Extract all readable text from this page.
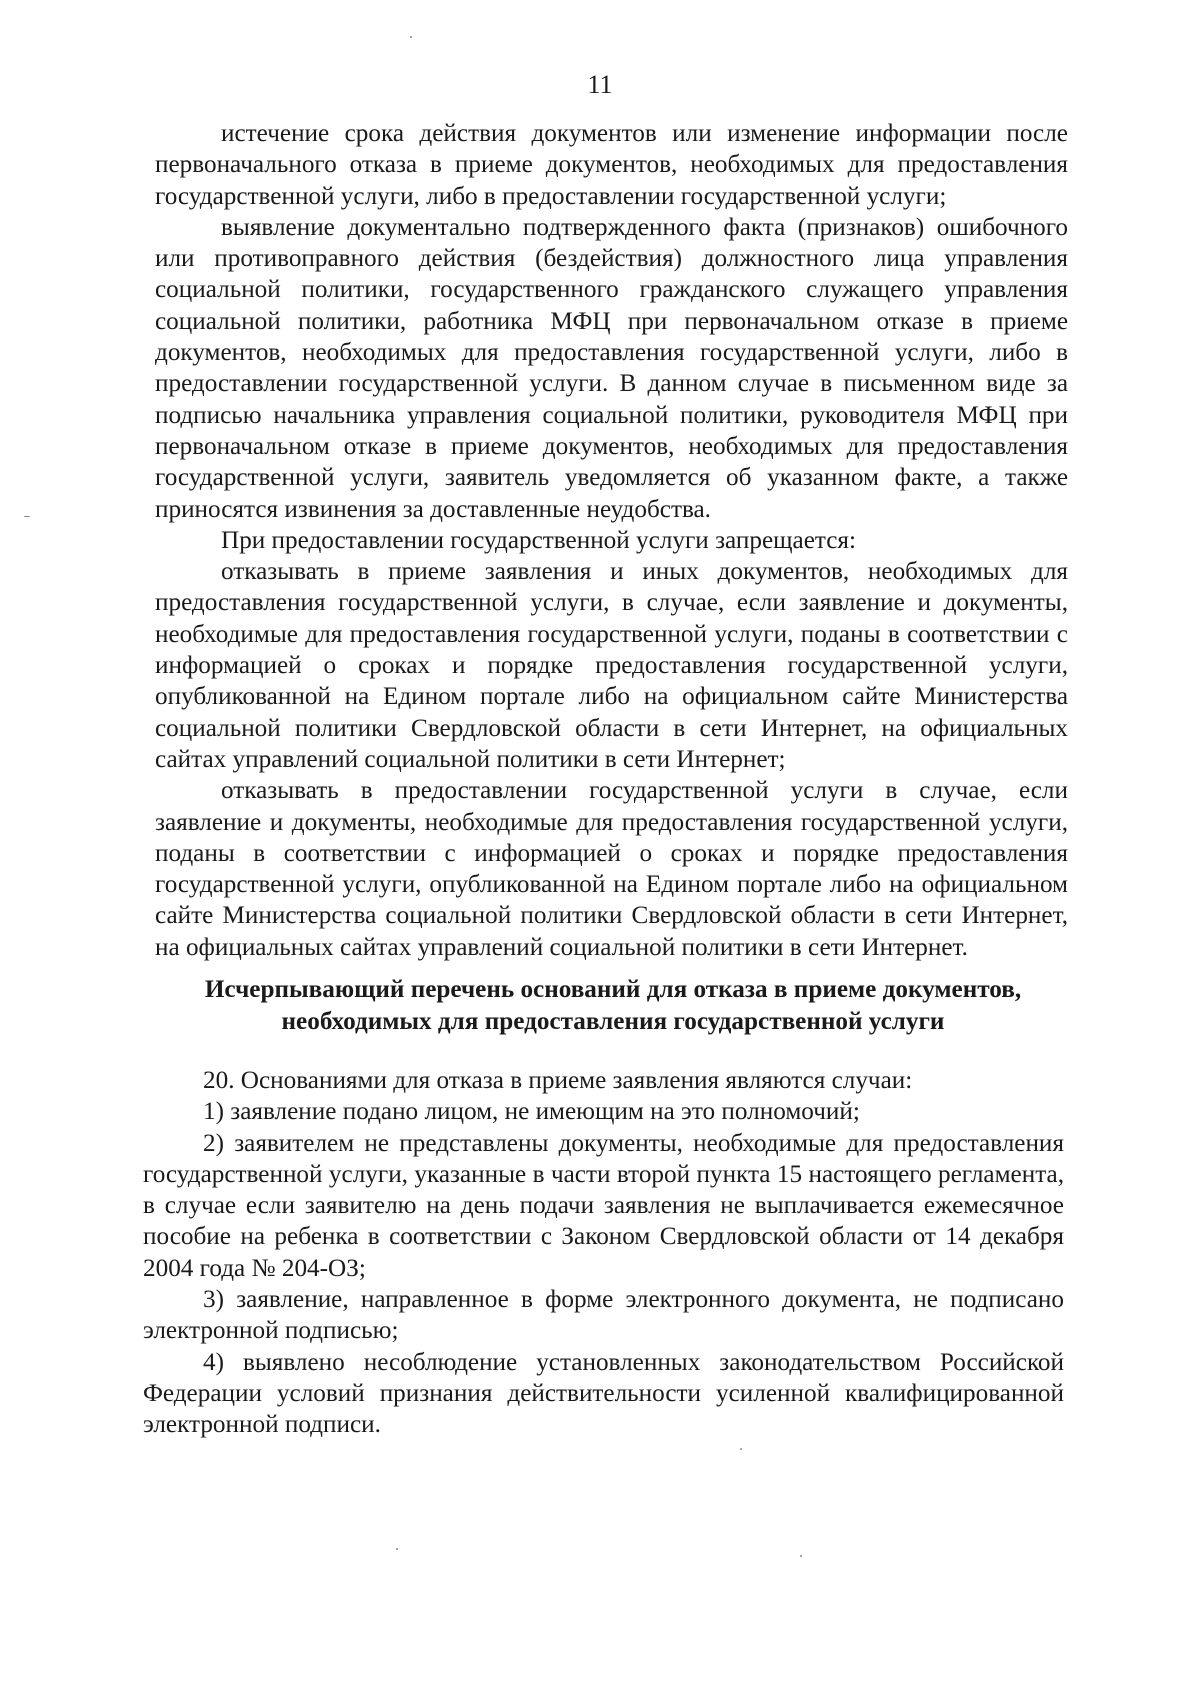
11

истечение срока действия документов или изменение информации после первоначального отказа в приеме документов, необходимых для предоставления государственной услуги, либо в предоставлении государственной услуги;

выявление документально подтвержденного факта (признаков) ошибочного или противоправного действия (бездействия) должностного лица управления социальной политики, государственного гражданского служащего управления социальной политики, работника МФЦ при первоначальном отказе в приеме документов, необходимых для предоставления государственной услуги, либо в предоставлении государственной услуги. В данном случае в письменном виде за подписью начальника управления социальной политики, руководителя МФЦ при первоначальном отказе в приеме документов, необходимых для предоставления государственной услуги, заявитель уведомляется об указанном факте, а также приносятся извинения за доставленные неудобства.

При предоставлении государственной услуги запрещается:

отказывать в приеме заявления и иных документов, необходимых для предоставления государственной услуги, в случае, если заявление и документы, необходимые для предоставления государственной услуги, поданы в соответствии с информацией о сроках и порядке предоставления государственной услуги, опубликованной на Едином портале либо на официальном сайте Министерства социальной политики Свердловской области в сети Интернет, на официальных сайтах управлений социальной политики в сети Интернет;

отказывать в предоставлении государственной услуги в случае, если заявление и документы, необходимые для предоставления государственной услуги, поданы в соответствии с информацией о сроках и порядке предоставления государственной услуги, опубликованной на Едином портале либо на официальном сайте Министерства социальной политики Свердловской области в сети Интернет, на официальных сайтах управлений социальной политики в сети Интернет.

Исчерпывающий перечень оснований для отказа в приеме документов,
необходимых для предоставления государственной услуги

20. Основаниями для отказа в приеме заявления являются случаи:

1) заявление подано лицом, не имеющим на это полномочий;

2) заявителем не представлены документы, необходимые для предоставления государственной услуги, указанные в части второй пункта 15 настоящего регламента, в случае если заявителю на день подачи заявления не выплачивается ежемесячное пособие на ребенка в соответствии с Законом Свердловской области от 14 декабря 2004 года № 204-ОЗ;

3) заявление, направленное в форме электронного документа, не подписано электронной подписью;

4) выявлено несоблюдение установленных законодательством Российской Федерации условий признания действительности усиленной квалифицированной электронной подписи.
